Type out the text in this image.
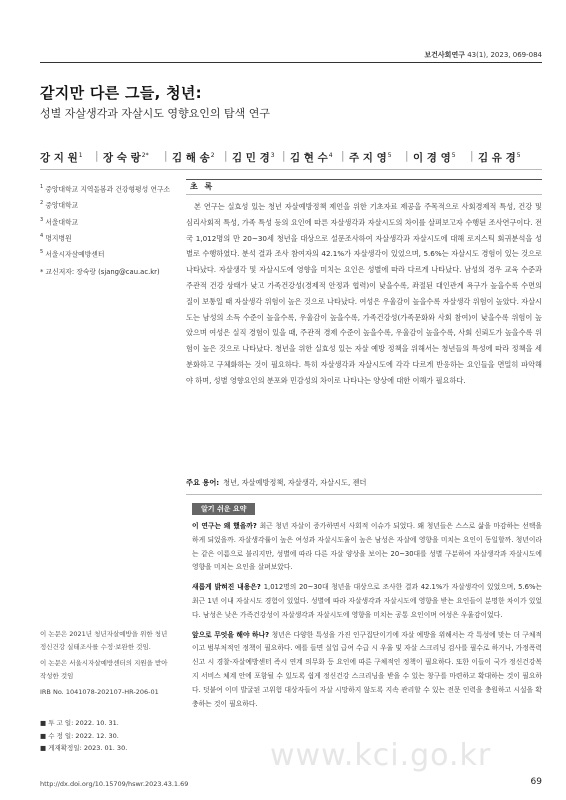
보건사회연구 43(1), 2023, 069-084
같지만 다른 그들, 청년:
성별 자살생각과 자살시도 영향요인의 탐색 연구
강 지 원$^1$ | 장 숙 랑$^{2*}$ | 김 해 송$^2$ | 김 민 경$^3$ | 김 현 수$^4$ | 주 지 영$^5$ | 이 경 영$^5$ | 김 유 경$^5$
$^1$ 중앙대학교 지역돌봄과 건강형평성 연구소
$^2$ 중앙대학교
$^3$ 서울대학교
$^4$ 명지병원
$^5$ 서울시자살예방센터
* 교신저자: 장숙랑 (sjang@cau.ac.kr)
초 록

본 연구는 실효성 있는 청년 자살예방정책 제언을 위한 기초자료 제공을 주목적으로 사회경제적 특성, 건강 및 심리사회적 특성, 가족 특성 등의 요인에 따른 자살생각과 자살시도의 차이를 살펴보고자 수행된 조사연구이다. 전국 1,012명의 만 20~30세 청년을 대상으로 설문조사하여 자살생각과 자살시도에 대해 로지스틱 회귀분석을 성별로 수행하였다. 분석 결과 조사 참여자의 42.1%가 자살생각이 있었으며, 5.6%는 자살시도 경험이 있는 것으로 나타났다. 자살생각 및 자살시도에 영향을 미치는 요인은 성별에 따라 다르게 나타났다. 남성의 경우 교육 수준과 주관적 건강 상태가 낮고 가족건강성(경제적 안정과 협력)이 낮을수록, 좌절된 대인관계 욕구가 높을수록 수면의 질이 보통일 때 자살생각 위험이 높은 것으로 나타났다. 여성은 우울감이 높을수록 자살생각 위험이 높았다. 자살시도는 남성의 소득 수준이 높을수록, 우울감이 높을수록, 가족건강성(가족문화와 사회 참여)이 낮을수록 위험이 높았으며 여성은 실직 경험이 있을 때, 주관적 경제 수준이 높을수록, 우울감이 높을수록, 사회 신뢰도가 높을수록 위험이 높은 것으로 나타났다. 청년을 위한 실효성 있는 자살 예방 정책을 위해서는 청년들의 특성에 따라 정책을 세분화하고 구체화하는 것이 필요하다. 특히 자살생각과 자살시도에 각각 다르게 반응하는 요인들을 면밀히 파악해야 하며, 성별 영향요인의 분포와 민감성의 차이로 나타나는 양상에 대한 이해가 필요하다.

주요 용어: 청년, 자살예방정책, 자살생각, 자살시도, 젠더
알기 쉬운 요약

이 연구는 왜 했을까? 최근 청년 자살이 증가하면서 사회적 이슈가 되었다. 왜 청년들은 스스로 삶을 마감하는 선택을 하게 되었을까. 자살생각률이 높은 여성과 자살시도율이 높은 남성은 자살에 영향을 미치는 요인이 동일할까. 청년이라는 같은 이름으로 불리지만, 성별에 따라 다른 자살 양상을 보이는 20~30대를 성별 구분하여 자살생각과 자살시도에 영향을 미치는 요인을 살펴보았다.

새롭게 밝혀진 내용은? 1,012명의 20~30대 청년을 대상으로 조사한 결과 42.1%가 자살생각이 있었으며, 5.6%는 최근 1년 이내 자살시도 경험이 있었다. 성별에 따라 자살생각과 자살시도에 영향을 받는 요인들이 분명한 차이가 있었다. 남성은 낮은 가족건강성이 자살생각과 자살시도에 영향을 미치는 공통 요인이며 여성은 우울감이었다.

앞으로 무엇을 해야 하나? 청년은 다양한 특성을 가진 인구집단이기에 자살 예방을 위해서는 각 특성에 맞는 더 구체적이고 범부처적인 정책이 필요하다. 예를 들면 실업 급여 수급 시 우울 및 자살 스크리닝 검사를 필수로 하거나, 가정폭력 신고 시 경찰-자살예방센터 즉시 연계 의무화 등 요인에 따른 구체적인 정책이 필요하다. 또한 이들이 국가 정신건강복지 서비스 체계 안에 포함될 수 있도록 쉽게 정신건강 스크리닝을 받을 수 있는 창구를 마련하고 확대하는 것이 필요하다. 덧붙여 이미 발굴된 고위험 대상자들이 자살 시망하지 않도록 지속 관리할 수 있는 전문 인력을 충원하고 시설을 확충하는 것이 필요하다.

이 논문은 2021년 청년자살예방을 위한 청년 정신건강 실태조사를 수정·보완한 것임.

이 논문은 서울시자살예방센터의 지원을 받아 작성한 것임

IRB No. 1041078-202107-HR-206-01

■ 투 고 일: 2022. 10. 31.
■ 수 정 일: 2022. 12. 30.
■ 게재확정일: 2023. 01. 30.	www.kci.go.kr
http://dx.doi.org/10.15709/hswr.2023.43.1.69	69
